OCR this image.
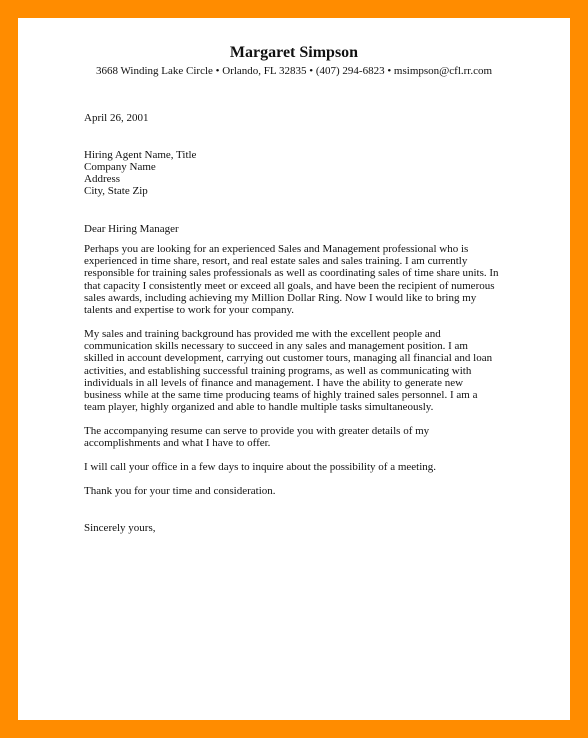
Margaret Simpson
3668 Winding Lake Circle • Orlando, FL 32835 • (407) 294-6823 • msimpson@cfl.rr.com
April 26, 2001
Hiring Agent Name, Title
Company Name
Address
City, State Zip
Dear Hiring Manager
Perhaps you are looking for an experienced Sales and Management professional who is
experienced in time share, resort, and real estate sales and sales training. I am currently
responsible for training sales professionals as well as coordinating sales of time share units. In
that capacity I consistently meet or exceed all goals, and have been the recipient of numerous
sales awards, including achieving my Million Dollar Ring. Now I would like to bring my
talents and expertise to work for your company.
My sales and training background has provided me with the excellent people and
communication skills necessary to succeed in any sales and management position. I am
skilled in account development, carrying out customer tours, managing all financial and loan
activities, and establishing successful training programs, as well as communicating with
individuals in all levels of finance and management. I have the ability to generate new
business while at the same time producing teams of highly trained sales personnel. I am a
team player, highly organized and able to handle multiple tasks simultaneously.
The accompanying resume can serve to provide you with greater details of my
accomplishments and what I have to offer.
I will call your office in a few days to inquire about the possibility of a meeting.
Thank you for your time and consideration.
Sincerely yours,
